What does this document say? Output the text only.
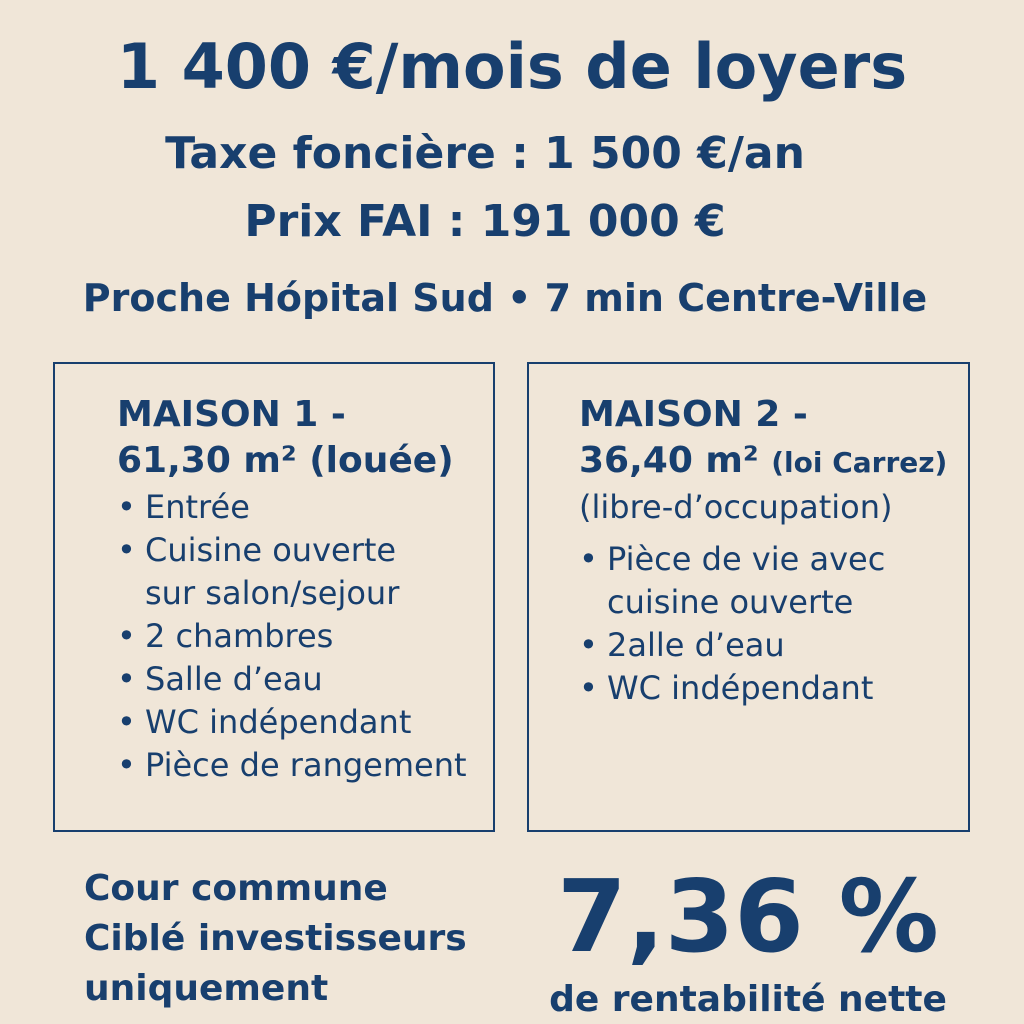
1 400 €/mois de loyers
Taxe foncière : 1 500 €/an
Prix FAI : 191 000 €
Proche Hópital Sud • 7 min Centre-Ville
MAISON 1 -
61,30 m² (louée)
• Entrée
• Cuisine ouverte
sur salon/sejour
• 2 chambres
• Salle d’eau
• WC indépendant
• Pièce de rangement
MAISON 2 -
36,40 m² (loi Carrez)
(libre-d’occupation)
• Pièce de vie avec
cuisine ouverte
• 2alle d’eau
• WC indépendant
Cour commune
Ciblé investisseurs
uniquement
7,36 %
de rentabilité nette
